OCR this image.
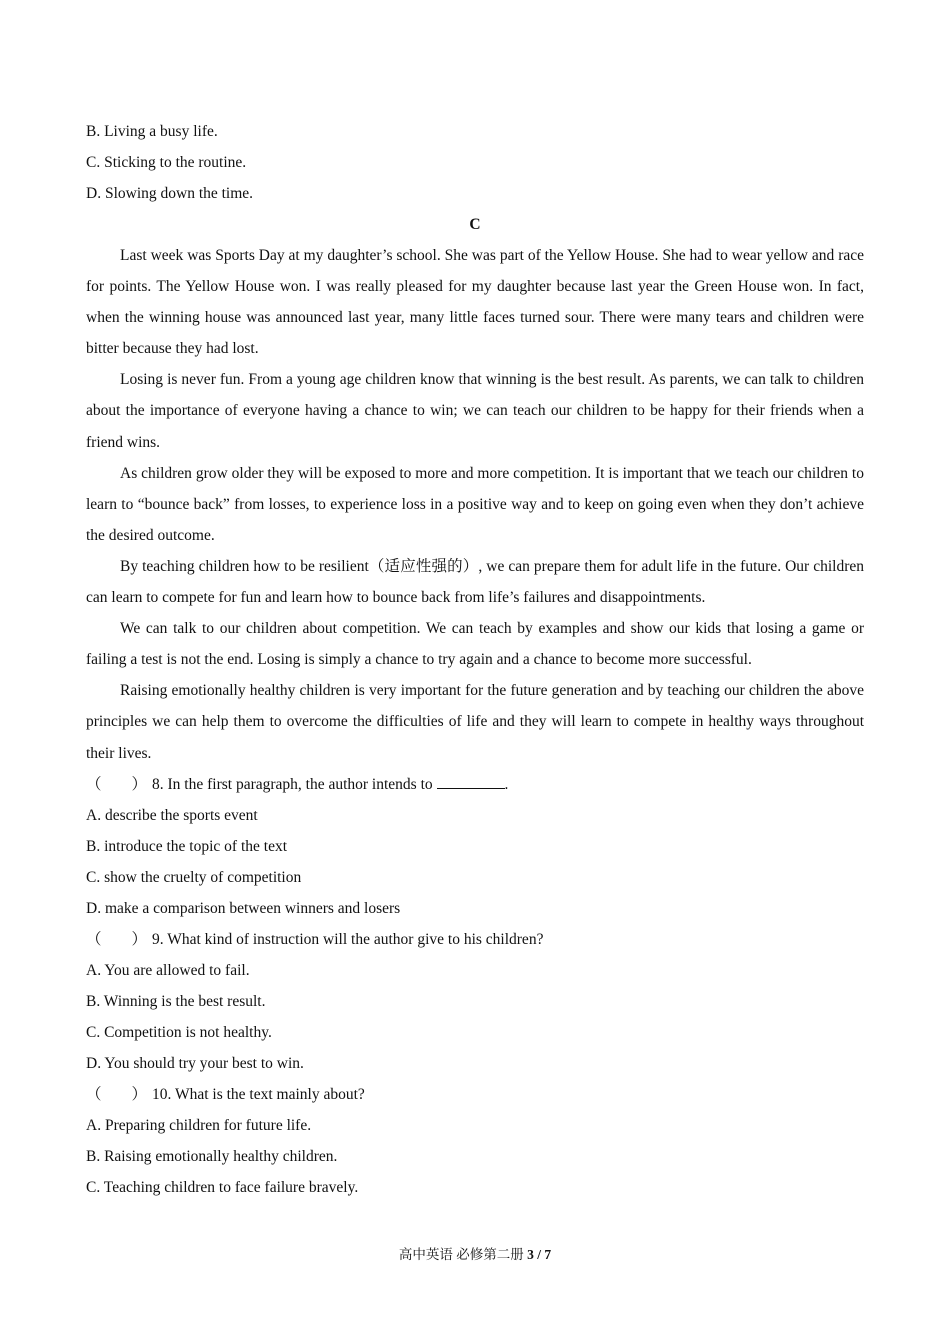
B. Living a busy life.
C. Sticking to the routine.
D. Slowing down the time.
C

Last week was Sports Day at my daughter’s school. She was part of the Yellow House. She had to wear yellow and race for points. The Yellow House won. I was really pleased for my daughter because last year the Green House won. In fact, when the winning house was announced last year, many little faces turned sour. There were many tears and children were bitter because they had lost.

Losing is never fun. From a young age children know that winning is the best result. As parents, we can talk to children about the importance of everyone having a chance to win; we can teach our children to be happy for their friends when a friend wins.

As children grow older they will be exposed to more and more competition. It is important that we teach our children to learn to “bounce back” from losses, to experience loss in a positive way and to keep on going even when they don’t achieve the desired outcome.

By teaching children how to be resilient（适应性强的）, we can prepare them for adult life in the future. Our children can learn to compete for fun and learn how to bounce back from life’s failures and disappointments.

We can talk to our children about competition. We can teach by examples and show our kids that losing a game or failing a test is not the end. Losing is simply a chance to try again and a chance to become more successful.

Raising emotionally healthy children is very important for the future generation and by teaching our children the above principles we can help them to overcome the difficulties of life and they will learn to compete in healthy ways throughout their lives.

（ ） 8. In the first paragraph, the author intends to	.
A. describe the sports event
B. introduce the topic of the text
C. show the cruelty of competition
D. make a comparison between winners and losers
（ ） 9. What kind of instruction will the author give to his children?
A. You are allowed to fail.
B. Winning is the best result.
C. Competition is not healthy.
D. You should try your best to win.
（ ） 10. What is the text mainly about?
A. Preparing children for future life.
B. Raising emotionally healthy children.
C. Teaching children to face failure bravely.
高中英语 必修第二册 3 / 7
